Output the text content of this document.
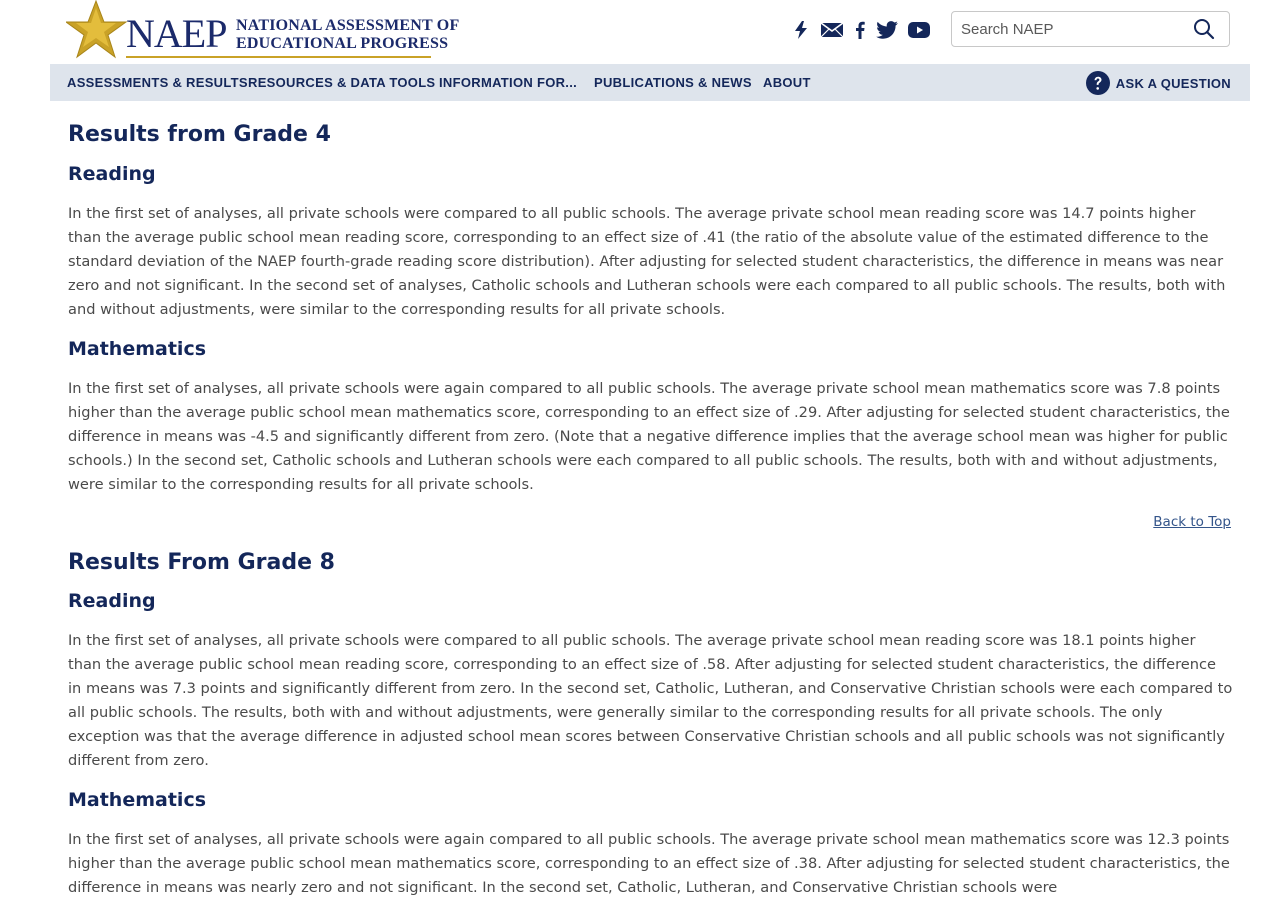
NAEP NATIONAL ASSESSMENT OF
EDUCATIONAL PROGRESS
Search NAEP
ASSESSMENTS & RESULTS RESOURCES & DATA TOOLS INFORMATION FOR... PUBLICATIONS & NEWS ABOUT	ASK A QUESTION
Results from Grade 4
Reading

In the first set of analyses, all private schools were compared to all public schools. The average private school mean reading score was 14.7 points higher than the average public school mean reading score, corresponding to an effect size of .41 (the ratio of the absolute value of the estimated difference to the standard deviation of the NAEP fourth-grade reading score distribution). After adjusting for selected student characteristics, the difference in means was near zero and not significant. In the second set of analyses, Catholic schools and Lutheran schools were each compared to all public schools. The results, both with and without adjustments, were similar to the corresponding results for all private schools.

Mathematics

In the first set of analyses, all private schools were again compared to all public schools. The average private school mean mathematics score was 7.8 points higher than the average public school mean mathematics score, corresponding to an effect size of .29. After adjusting for selected student characteristics, the difference in means was -4.5 and significantly different from zero. (Note that a negative difference implies that the average school mean was higher for public schools.) In the second set, Catholic schools and Lutheran schools were each compared to all public schools. The results, both with and without adjustments, were similar to the corresponding results for all private schools.

Back to Top
Results From Grade 8
Reading

In the first set of analyses, all private schools were compared to all public schools. The average private school mean reading score was 18.1 points higher than the average public school mean reading score, corresponding to an effect size of .58. After adjusting for selected student characteristics, the difference in means was 7.3 points and significantly different from zero. In the second set, Catholic, Lutheran, and Conservative Christian schools were each compared to all public schools. The results, both with and without adjustments, were generally similar to the corresponding results for all private schools. The only exception was that the average difference in adjusted school mean scores between Conservative Christian schools and all public schools was not significantly different from zero.

Mathematics

In the first set of analyses, all private schools were again compared to all public schools. The average private school mean mathematics score was 12.3 points higher than the average public school mean mathematics score, corresponding to an effect size of .38. After adjusting for selected student characteristics, the difference in means was nearly zero and not significant. In the second set, Catholic, Lutheran, and Conservative Christian schools were
